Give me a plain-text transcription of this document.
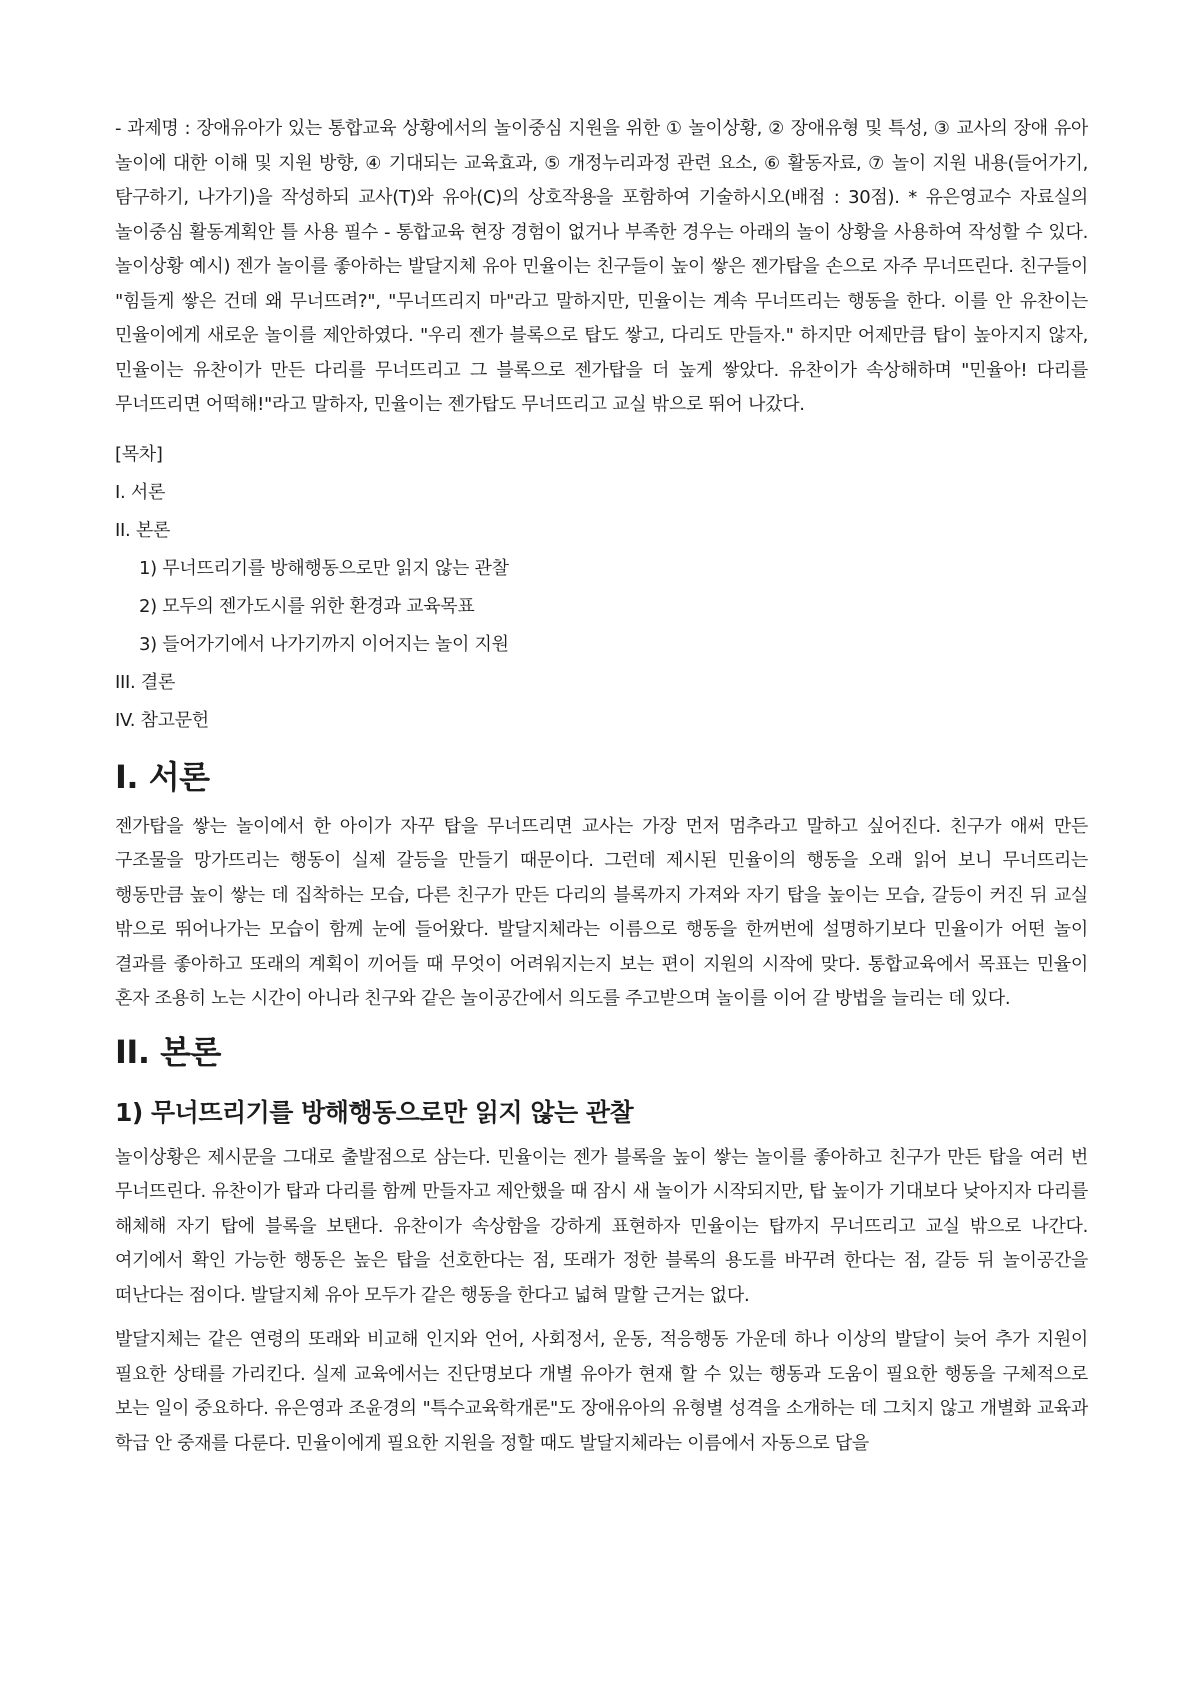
- 과제명 : 장애유아가 있는 통합교육 상황에서의 놀이중심 지원을 위한 ① 놀이상황, ② 장애유형 및 특성, ③ 교사의 장애 유아 놀이에 대한 이해 및 지원 방향, ④ 기대되는 교육효과, ⑤ 개정누리과정 관련 요소, ⑥ 활동자료, ⑦ 놀이 지원 내용(들어가기, 탐구하기, 나가기)을 작성하되 교사(T)와 유아(C)의 상호작용을 포함하여 기술하시오(배점 : 30점). * 유은영교수 자료실의 놀이중심 활동계획안 틀 사용 필수 - 통합교육 현장 경험이 없거나 부족한 경우는 아래의 놀이 상황을 사용하여 작성할 수 있다. 놀이상황 예시) 젠가 놀이를 좋아하는 발달지체 유아 민율이는 친구들이 높이 쌓은 젠가탑을 손으로 자주 무너뜨린다. 친구들이 "힘들게 쌓은 건데 왜 무너뜨려?", "무너뜨리지 마"라고 말하지만, 민율이는 계속 무너뜨리는 행동을 한다. 이를 안 유찬이는 민율이에게 새로운 놀이를 제안하였다. "우리 젠가 블록으로 탑도 쌓고, 다리도 만들자." 하지만 어제만큼 탑이 높아지지 않자, 민율이는 유찬이가 만든 다리를 무너뜨리고 그 블록으로 젠가탑을 더 높게 쌓았다. 유찬이가 속상해하며 "민율아! 다리를 무너뜨리면 어떡해!"라고 말하자, 민율이는 젠가탑도 무너뜨리고 교실 밖으로 뛰어 나갔다.

[목차]
I. 서론
II. 본론
1) 무너뜨리기를 방해행동으로만 읽지 않는 관찰
2) 모두의 젠가도시를 위한 환경과 교육목표
3) 들어가기에서 나가기까지 이어지는 놀이 지원
III. 결론
IV. 참고문헌
I. 서론

젠가탑을 쌓는 놀이에서 한 아이가 자꾸 탑을 무너뜨리면 교사는 가장 먼저 멈추라고 말하고 싶어진다. 친구가 애써 만든 구조물을 망가뜨리는 행동이 실제 갈등을 만들기 때문이다. 그런데 제시된 민율이의 행동을 오래 읽어 보니 무너뜨리는 행동만큼 높이 쌓는 데 집착하는 모습, 다른 친구가 만든 다리의 블록까지 가져와 자기 탑을 높이는 모습, 갈등이 커진 뒤 교실 밖으로 뛰어나가는 모습이 함께 눈에 들어왔다. 발달지체라는 이름으로 행동을 한꺼번에 설명하기보다 민율이가 어떤 놀이 결과를 좋아하고 또래의 계획이 끼어들 때 무엇이 어려워지는지 보는 편이 지원의 시작에 맞다. 통합교육에서 목표는 민율이 혼자 조용히 노는 시간이 아니라 친구와 같은 놀이공간에서 의도를 주고받으며 놀이를 이어 갈 방법을 늘리는 데 있다.

II. 본론
1) 무너뜨리기를 방해행동으로만 읽지 않는 관찰

놀이상황은 제시문을 그대로 출발점으로 삼는다. 민율이는 젠가 블록을 높이 쌓는 놀이를 좋아하고 친구가 만든 탑을 여러 번 무너뜨린다. 유찬이가 탑과 다리를 함께 만들자고 제안했을 때 잠시 새 놀이가 시작되지만, 탑 높이가 기대보다 낮아지자 다리를 해체해 자기 탑에 블록을 보탠다. 유찬이가 속상함을 강하게 표현하자 민율이는 탑까지 무너뜨리고 교실 밖으로 나간다. 여기에서 확인 가능한 행동은 높은 탑을 선호한다는 점, 또래가 정한 블록의 용도를 바꾸려 한다는 점, 갈등 뒤 놀이공간을 떠난다는 점이다. 발달지체 유아 모두가 같은 행동을 한다고 넓혀 말할 근거는 없다.

발달지체는 같은 연령의 또래와 비교해 인지와 언어, 사회정서, 운동, 적응행동 가운데 하나 이상의 발달이 늦어 추가 지원이 필요한 상태를 가리킨다. 실제 교육에서는 진단명보다 개별 유아가 현재 할 수 있는 행동과 도움이 필요한 행동을 구체적으로 보는 일이 중요하다. 유은영과 조윤경의 "특수교육학개론"도 장애유아의 유형별 성격을 소개하는 데 그치지 않고 개별화 교육과 학급 안 중재를 다룬다. 민율이에게 필요한 지원을 정할 때도 발달지체라는 이름에서 자동으로 답을
